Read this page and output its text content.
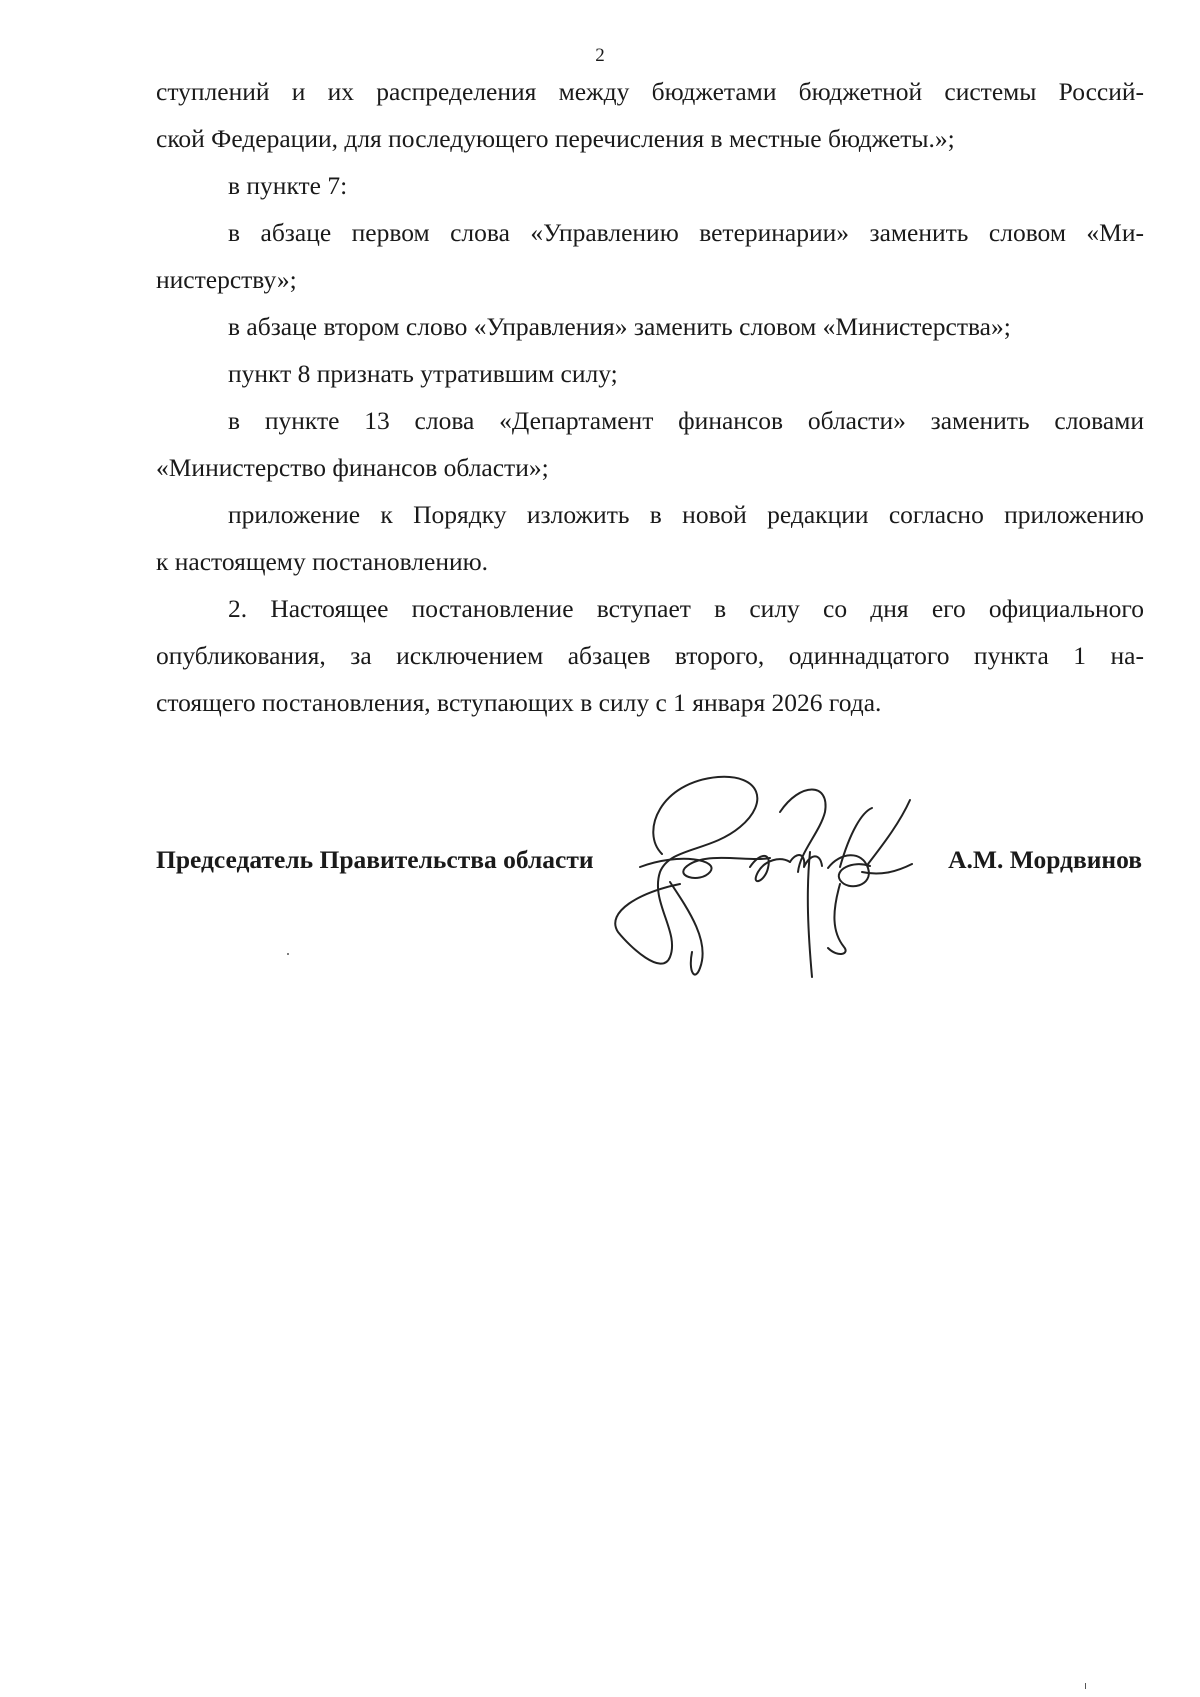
2

ступлений и их распределения между бюджетами бюджетной системы Россий-
ской Федерации, для последующего перечисления в местные бюджеты.»;

в пункте 7:

в абзаце первом слова «Управлению ветеринарии» заменить словом «Ми-
нистерству»;

в абзаце втором слово «Управления» заменить словом «Министерства»;

пункт 8 признать утратившим силу;

в пункте 13 слова «Департамент финансов области» заменить словами
«Министерство финансов области»;

приложение к Порядку изложить в новой редакции согласно приложению
к настоящему постановлению.

2. Настоящее постановление вступает в силу со дня его официального
опубликования, за исключением абзацев второго, одиннадцатого пункта 1 на-
стоящего постановления, вступающих в силу с 1 января 2026 года.

Председатель Правительства области	А.М. Мордвинов
